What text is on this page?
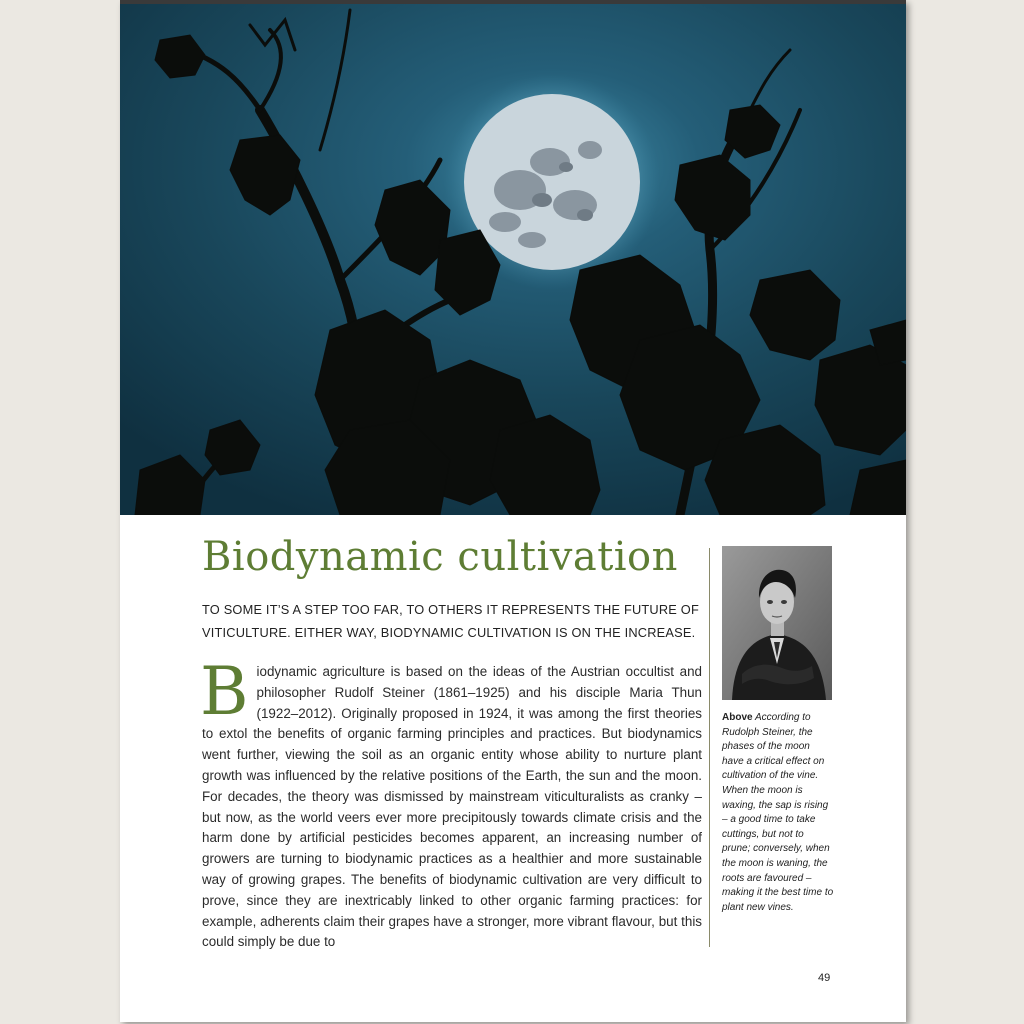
Biodynamic cultivation

TO SOME IT’S A STEP TOO FAR, TO OTHERS IT REPRESENTS THE FUTURE OF VITICULTURE. EITHER WAY, BIODYNAMIC CULTIVATION IS ON THE INCREASE.

Biodynamic agriculture is based on the ideas of the Austrian occultist and philosopher Rudolf Steiner (1861–1925) and his disciple Maria Thun (1922–2012). Originally proposed in 1924, it was among the first theories to extol the benefits of organic farming principles and practices. But biodynamics went further, viewing the soil as an organic entity whose ability to nurture plant growth was influenced by the relative positions of the Earth, the sun and the moon. For decades, the theory was dismissed by mainstream viticulturalists as cranky – but now, as the world veers ever more precipitously towards climate crisis and the harm done by artificial pesticides becomes apparent, an increasing number of growers are turning to biodynamic practices as a healthier and more sustainable way of growing grapes. The benefits of biodynamic cultivation are very difficult to prove, since they are inextricably linked to other organic farming practices: for example, adherents claim their grapes have a stronger, more vibrant flavour, but this could simply be due to

Above According to Rudolph Steiner, the phases of the moon have a critical effect on cultivation of the vine. When the moon is waxing, the sap is rising – a good time to take cuttings, but not to prune; conversely, when the moon is waning, the roots are favoured – making it the best time to plant new vines.

49
